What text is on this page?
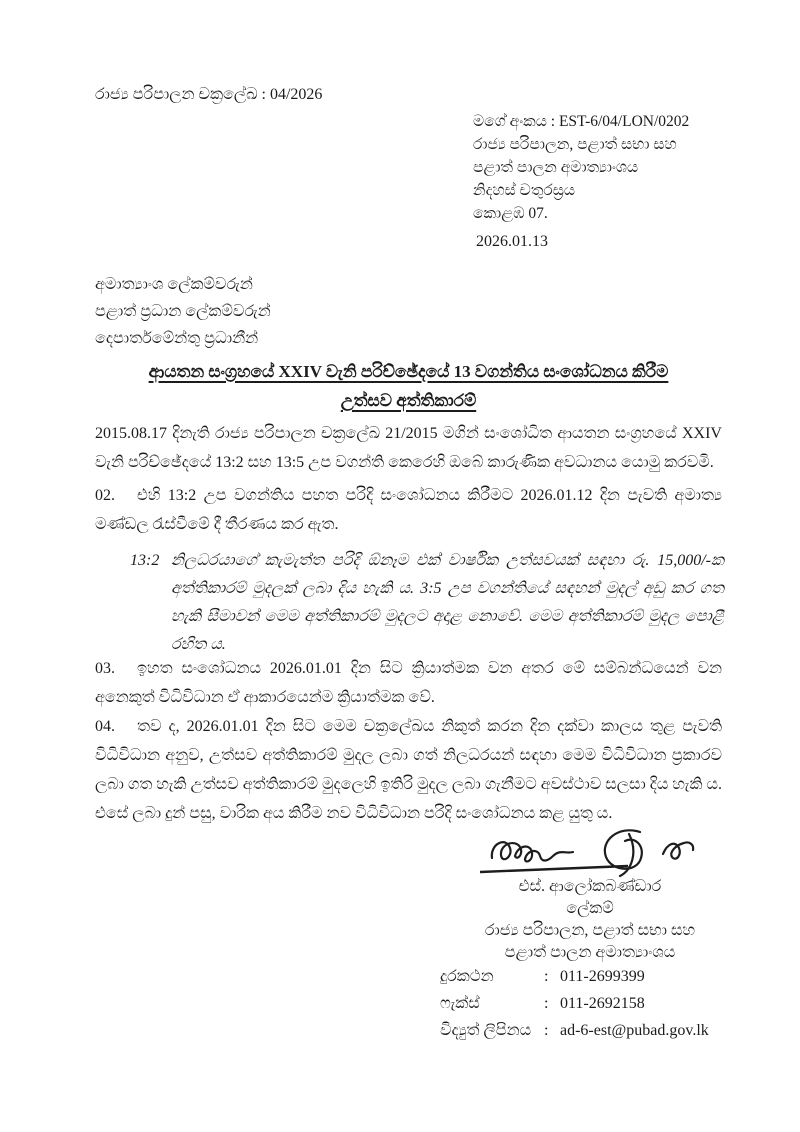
රාජ්‍ය පරිපාලන චක්‍රලේඛ : 04/2026
මගේ අංකය : EST-6/04/LON/0202
රාජ්‍ය පරිපාලන, පළාත් සභා සහ
පළාත් පාලන අමාත්‍යාංශය
නිදහස් චතුරස්‍රය
කොළඹ 07.
2026.01.13
අමාත්‍යාංශ ලේකම්වරුන්
පළාත් ප්‍රධාන ලේකම්වරුන්
දෙපාර්තමේන්තු ප්‍රධානීන්
ආයතන සංග්‍රහයේ XXIV වැනි පරිච්ඡේදයේ 13 වගන්තිය සංශෝධනය කිරීම
උත්සව අත්තිකාරම්

2015.08.17 දිනැති රාජ්‍ය පරිපාලන චක්‍රලේඛ 21/2015 මගින් සංශෝධිත ආයතන සංග්‍රහයේ XXIV වැනි පරිච්ඡේදයේ 13:2 සහ 13:5 උප වගන්ති කෙරෙහි ඔබේ කාරුණික අවධානය යොමු කරවමි.

02. එහි 13:2 උප වගන්තිය පහත පරිදි සංශෝධනය කිරීමට 2026.01.12 දින පැවති අමාත්‍ය මණ්ඩල රැස්වීමේ දී තීරණය කර ඇත.

13:2 නිලධරයාගේ කැමැත්ත පරිදි ඕනෑම එක් වාර්ෂික උත්සවයක් සඳහා රු. 15,000/-ක අත්තිකාරම් මුදලක් ලබා දිය හැකි ය. 3:5 උප වගන්තියේ සඳහන් මුදල් අඩු කර ගත හැකි සීමාවන් මෙම අත්තිකාරම් මුදලට අදාළ නොවේ. මෙම අත්තිකාරම් මුදල පොළී රහිත ය.

03. ඉහත සංශෝධනය 2026.01.01 දින සිට ක්‍රියාත්මක වන අතර මේ සම්බන්ධයෙන් වන අනෙකුත් විධිවිධාන ඒ ආකාරයෙන්ම ක්‍රියාත්මක වේ.

04. තව ද, 2026.01.01 දින සිට මෙම චක්‍රලේඛය නිකුත් කරන දින දක්වා කාලය තුළ පැවති විධිවිධාන අනුව, උත්සව අත්තිකාරම් මුදල ලබා ගත් නිලධරයන් සඳහා මෙම විධිවිධාන ප්‍රකාරව ලබා ගත හැකි උත්සව අත්තිකාරම් මුදලෙහි ඉතිරි මුදල ලබා ගැනීමට අවස්ථාව සලසා දිය හැකි ය. එසේ ලබා දුන් පසු, වාරික අය කිරීම නව විධිවිධාන පරිදි සංශෝධනය කළ යුතු ය.

එස්. ආලෝකබණ්ඩාර
ලේකම්
රාජ්‍ය පරිපාලන, පළාත් සභා සහ
පළාත් පාලන අමාත්‍යාංශය
දුරකථන	: 011-2699399
ෆැක්ස්	: 011-2692158
විද්‍යුත් ලිපිනය : ad-6-est@pubad.gov.lk
